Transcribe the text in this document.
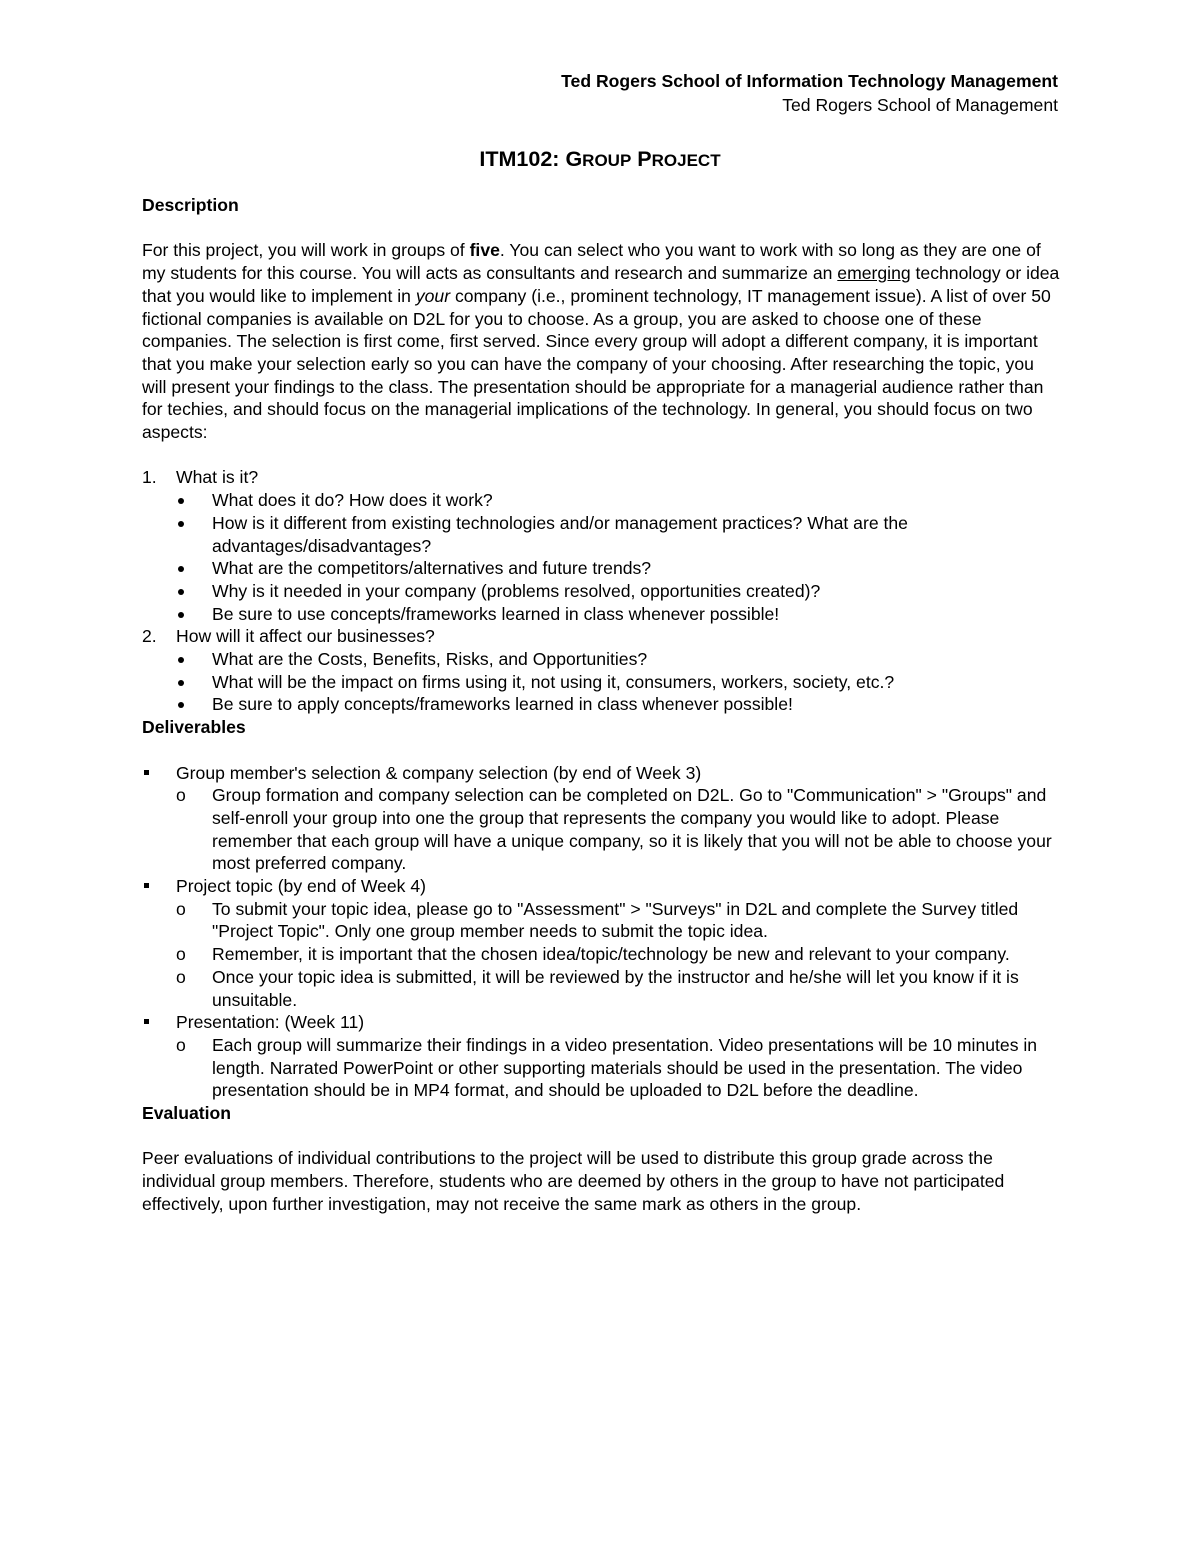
Ted Rogers School of Information Technology Management
Ted Rogers School of Management
ITM102: GROUP PROJECT
Description

For this project, you will work in groups of five. You can select who you want to work with so long as they are one of my students for this course. You will acts as consultants and research and summarize an emerging technology or idea that you would like to implement in your company (i.e., prominent technology, IT management issue). A list of over 50 fictional companies is available on D2L for you to choose. As a group, you are asked to choose one of these companies. The selection is first come, first served. Since every group will adopt a different company, it is important that you make your selection early so you can have the company of your choosing. After researching the topic, you will present your findings to the class. The presentation should be appropriate for a managerial audience rather than for techies, and should focus on the managerial implications of the technology. In general, you should focus on two aspects:

1.	What is it?
What does it do? How does it work?
How is it different from existing technologies and/or management practices? What are the advantages/disadvantages?
What are the competitors/alternatives and future trends?
Why is it needed in your company (problems resolved, opportunities created)?
Be sure to use concepts/frameworks learned in class whenever possible!
2.	How will it affect our businesses?
What are the Costs, Benefits, Risks, and Opportunities?
What will be the impact on firms using it, not using it, consumers, workers, society, etc.?
Be sure to apply concepts/frameworks learned in class whenever possible!
Deliverables
Group member's selection & company selection (by end of Week 3)
o Group formation and company selection can be completed on D2L. Go to "Communication" > "Groups" and self-enroll your group into one the group that represents the company you would like to adopt. Please remember that each group will have a unique company, so it is likely that you will not be able to choose your most preferred company.
Project topic (by end of Week 4)
o To submit your topic idea, please go to "Assessment" > "Surveys" in D2L and complete the Survey titled "Project Topic". Only one group member needs to submit the topic idea.
o Remember, it is important that the chosen idea/topic/technology be new and relevant to your company.
o Once your topic idea is submitted, it will be reviewed by the instructor and he/she will let you know if it is unsuitable.
Presentation: (Week 11)
o Each group will summarize their findings in a video presentation. Video presentations will be 10 minutes in length. Narrated PowerPoint or other supporting materials should be used in the presentation. The video presentation should be in MP4 format, and should be uploaded to D2L before the deadline.
Evaluation

Peer evaluations of individual contributions to the project will be used to distribute this group grade across the individual group members. Therefore, students who are deemed by others in the group to have not participated effectively, upon further investigation, may not receive the same mark as others in the group.
